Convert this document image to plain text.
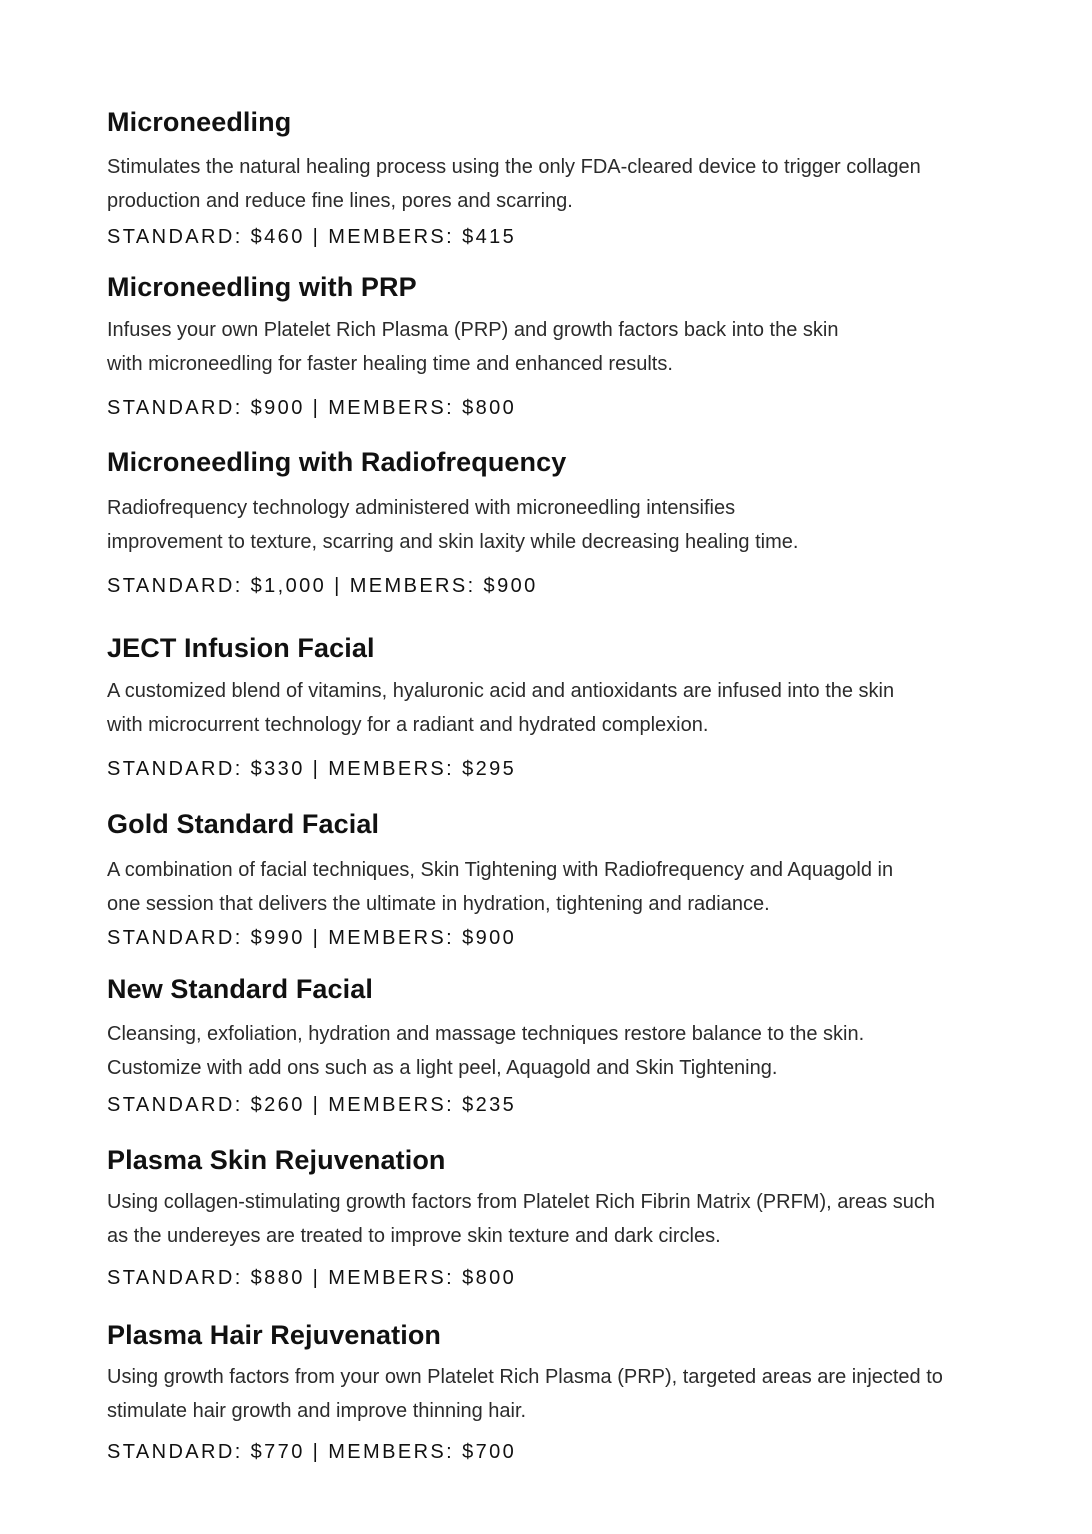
Microneedling

Stimulates the natural healing process using the only FDA-cleared device to trigger collagen
production and reduce fine lines, pores and scarring.

STANDARD: $460 | MEMBERS: $415

Microneedling with PRP

Infuses your own Platelet Rich Plasma (PRP) and growth factors back into the skin
with microneedling for faster healing time and enhanced results.

STANDARD: $900 | MEMBERS: $800

Microneedling with Radiofrequency

Radiofrequency technology administered with microneedling intensifies
improvement to texture, scarring and skin laxity while decreasing healing time.

STANDARD: $1,000 | MEMBERS: $900

JECT Infusion Facial

A customized blend of vitamins, hyaluronic acid and antioxidants are infused into the skin
with microcurrent technology for a radiant and hydrated complexion.

STANDARD: $330 | MEMBERS: $295

Gold Standard Facial

A combination of facial techniques, Skin Tightening with Radiofrequency and Aquagold in
one session that delivers the ultimate in hydration, tightening and radiance.

STANDARD: $990 | MEMBERS: $900

New Standard Facial

Cleansing, exfoliation, hydration and massage techniques restore balance to the skin.
Customize with add ons such as a light peel, Aquagold and Skin Tightening.

STANDARD: $260 | MEMBERS: $235

Plasma Skin Rejuvenation

Using collagen-stimulating growth factors from Platelet Rich Fibrin Matrix (PRFM), areas such
as the undereyes are treated to improve skin texture and dark circles.

STANDARD: $880 | MEMBERS: $800

Plasma Hair Rejuvenation

Using growth factors from your own Platelet Rich Plasma (PRP), targeted areas are injected to
stimulate hair growth and improve thinning hair.

STANDARD: $770 | MEMBERS: $700
